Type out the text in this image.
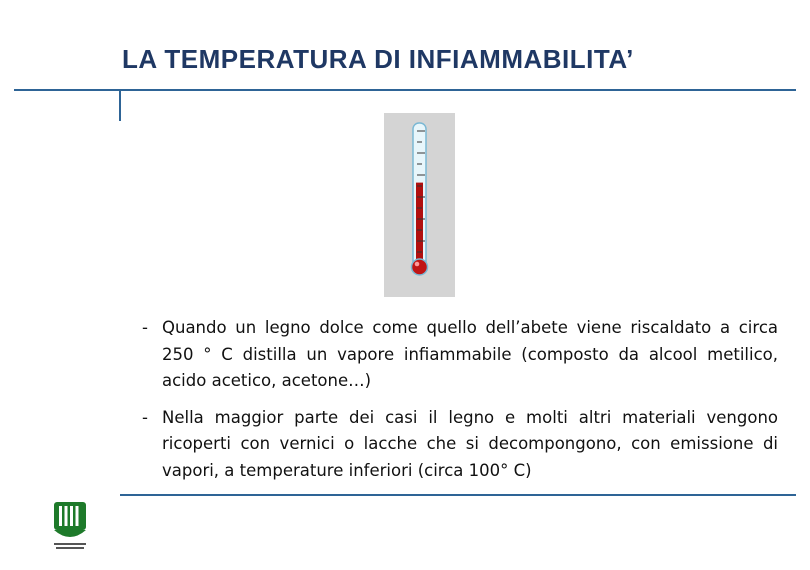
LA TEMPERATURA DI INFIAMMABILITA’
- Quando un legno dolce come quello dell’abete viene riscaldato a circa 250 ° C distilla un vapore infiammabile (composto da alcool metilico, acido acetico, acetone…)
- Nella maggior parte dei casi il legno e molti altri materiali vengono ricoperti con vernici o lacche che si decompongono, con emissione di vapori, a temperature inferiori (circa 100° C)
